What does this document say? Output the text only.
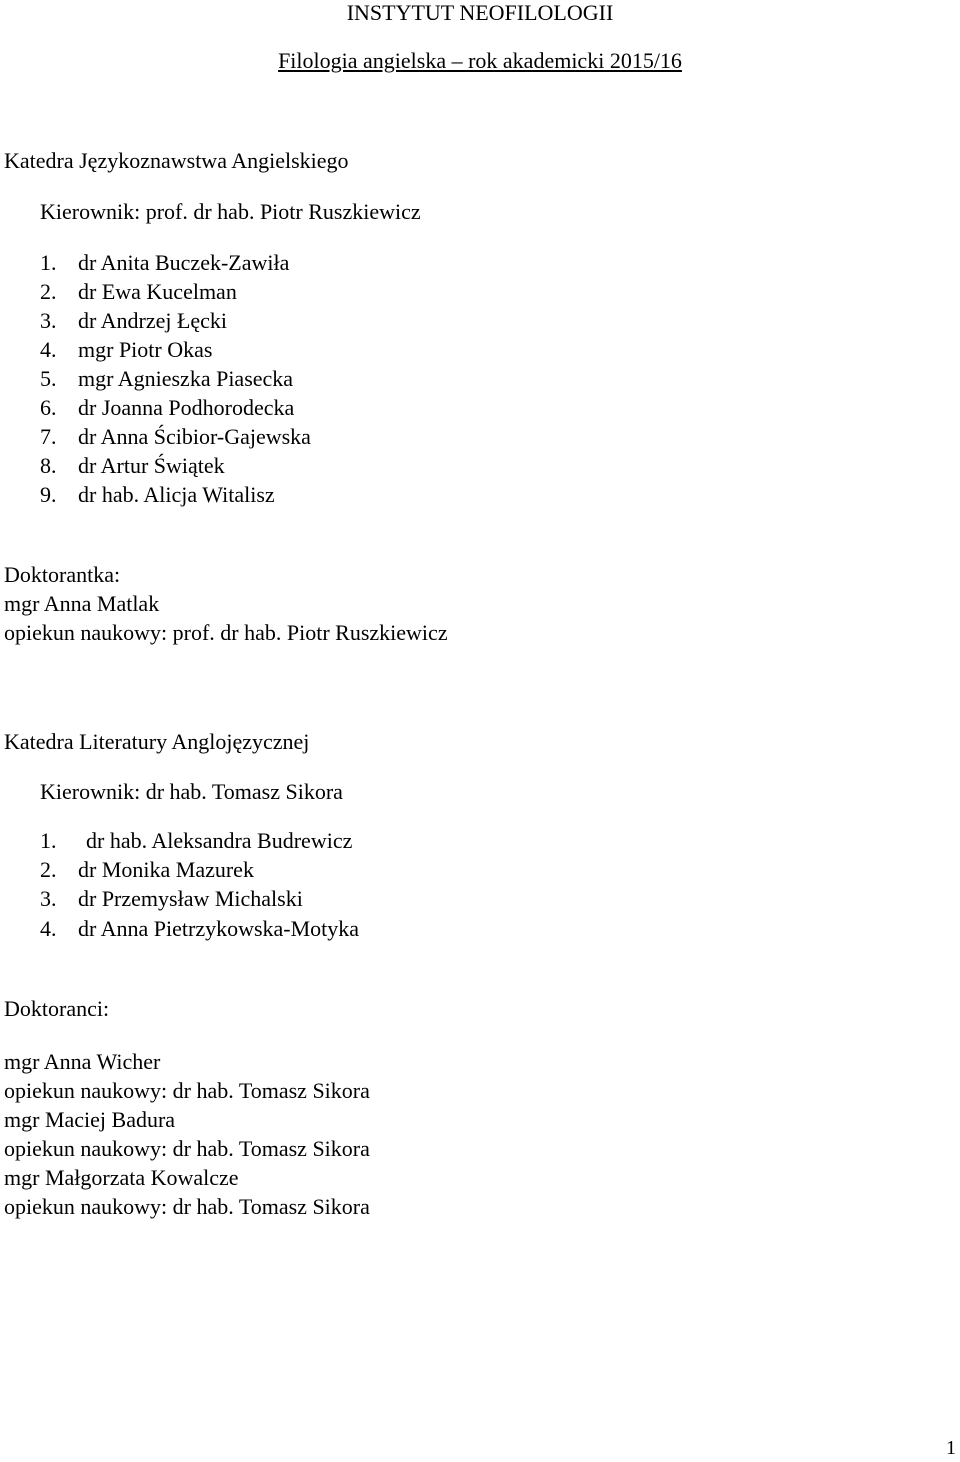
INSTYTUT NEOFILOLOGII
Filologia angielska – rok akademicki 2015/16
Katedra Językoznawstwa Angielskiego
Kierownik: prof. dr hab. Piotr Ruszkiewicz
1. dr Anita Buczek-Zawiła
2. dr Ewa Kucelman
3. dr Andrzej Łęcki
4. mgr Piotr Okas
5. mgr Agnieszka Piasecka
6. dr Joanna Podhorodecka
7. dr Anna Ścibior-Gajewska
8. dr Artur Świątek
9. dr hab. Alicja Witalisz
Doktorantka:
mgr Anna Matlak
opiekun naukowy: prof. dr hab. Piotr Ruszkiewicz
Katedra Literatury Anglojęzycznej
Kierownik: dr hab. Tomasz Sikora
1. dr hab. Aleksandra Budrewicz
2. dr Monika Mazurek
3. dr Przemysław Michalski
4. dr Anna Pietrzykowska-Motyka
Doktoranci:
mgr Anna Wicher
opiekun naukowy: dr hab. Tomasz Sikora
mgr Maciej Badura
opiekun naukowy: dr hab. Tomasz Sikora
mgr Małgorzata Kowalcze
opiekun naukowy: dr hab. Tomasz Sikora
1
